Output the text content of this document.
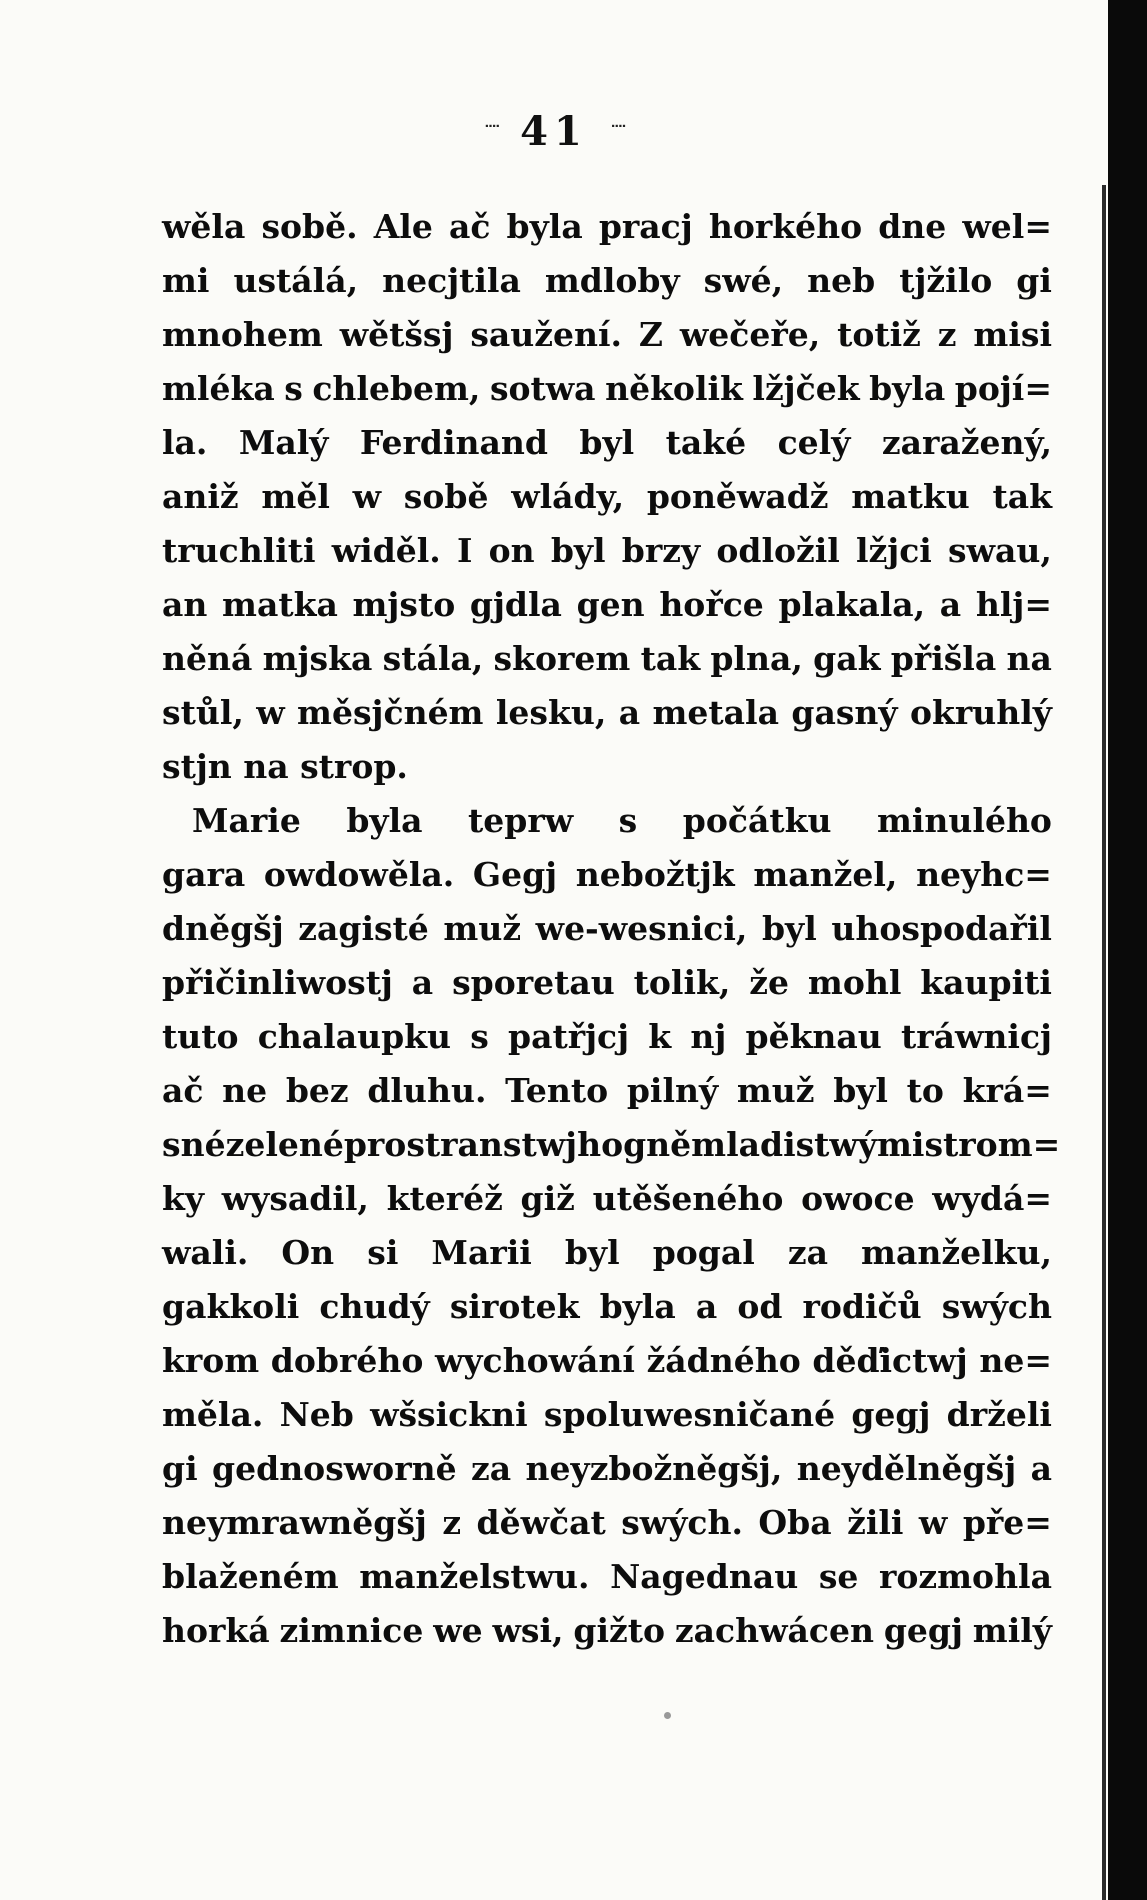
ᐧᐧᐧᐧ 41 ᐧᐧᐧᐧ
wěla sobě. Ale ač byla pracj horkého dne wel=
mi ustálá, necjtila mdloby swé, neb tjžilo gi
mnohem wětšsj saužení. Z wečeře, totiž z misi
mléka s chlebem, sotwa několik lžjček byla pojí=
la. Malý Ferdinand byl také celý zaražený,
aniž měl w sobě wlády, poněwadž matku tak
truchliti widěl. I on byl brzy odložil lžjci swau,
an matka mjsto gjdla gen hořce plakala, a hlj=
něná mjska stála, skorem tak plna, gak přišla na
stůl, w měsjčném lesku, a metala gasný okruhlý
stjn na strop.
Marie byla teprw s počátku minulého
gara owdowěla. Gegj nebožtjk manžel, neyhc=
dněgšj zagisté muž we-wesnici, byl uhospodařil
přičinliwostj a sporetau tolik, že mohl kaupiti
tuto chalaupku s patřjcj k nj pěknau tráwnicj
ač ne bez dluhu. Tento pilný muž byl to krá=
sné zelené prostranstwj hogně mladistwými strom=
ky wysadil, kteréž giž utěšeného owoce wydá=
wali. On si Marii byl pogal za manželku,
gakkoli chudý sirotek byla a od rodičů swých
krom dobrého wychowání žádného děďictwj ne=
měla. Neb wšsickni spoluwesničané gegj drželi
gi gednosworně za neyzbožněgšj, neydělněgšj a
neymrawněgšj z děwčat swých. Oba žili w pře=
blaženém manželstwu. Nagednau se rozmohla
horká zimnice we wsi, gižto zachwácen gegj milý
